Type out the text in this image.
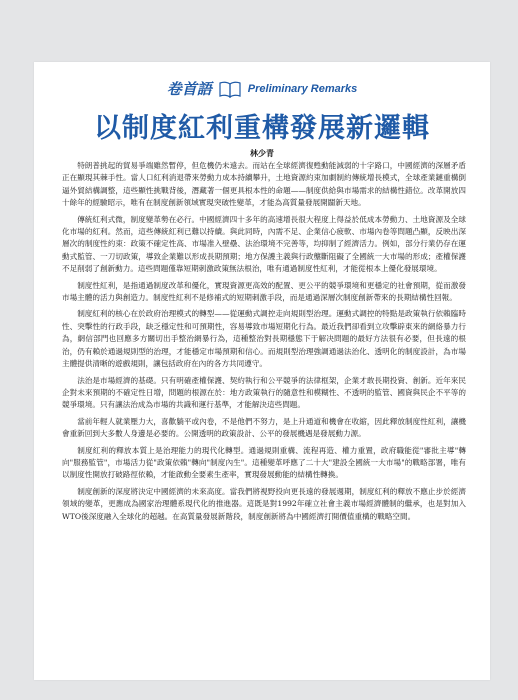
卷首語	Preliminary Remarks
以制度紅利重構發展新邏輯
林少青

特朗普挑起的貿易爭端雖然暫停，但危機仍未遠去。而站在全球經濟復甦動能減弱的十字路口，中國經濟的深層矛盾正在顯現其棘手性。當人口紅利消退帶來勞動力成本持續攀升，土地資源約束加劇制約傳統增長模式，全球產業鏈重構倒逼外貿結構調整，這些顯性挑戰背後，潛藏著一個更具根本性的命題——制度供給與市場需求的結構性錯位。改革開放四十餘年的經驗昭示，唯有在制度創新領域實現突破性變革，才能為高質量發展開闢新天地。

傳統紅利式微，制度變革勢在必行。中國經濟四十多年的高速增長很大程度上得益於低成本勞動力、土地資源及全球化市場的紅利。然而，這些傳統紅利已難以持續。與此同時，內需不足、企業信心疲軟、市場內卷等問題凸顯，反映出深層次的制度性約束：政策不確定性高、市場准入壁壘、法治環境不完善等，均抑制了經濟活力。例如，部分行業仍存在運動式監管、一刀切政策，導致企業難以形成長期預期；地方保護主義與行政壟斷阻礙了全國統一大市場的形成；產權保護不足削弱了創新動力。這些問題僅靠短期刺激政策無法根治，唯有通過制度性紅利，才能從根本上優化發展環境。

制度性紅利，是指通過制度改革和優化，實現資源更高效的配置、更公平的競爭環境和更穩定的社會預期，從而激發市場主體的活力與創造力。制度性紅利不是修補式的短期刺激手段，而是通過深層次制度創新帶來的長期結構性回報。

制度紅利的核心在於政府治理模式的轉型——從運動式調控走向規則型治理。運動式調控的特點是政策執行依賴臨時性、突擊性的行政手段，缺乏穩定性和可預期性，容易導致市場短期化行為。最近我們卻看到立攻擊辟東來的網絡暴力行為，網信部門也回應多方關切出手整治網暴行為，這種整治對長期穩態下于解决問題的最好方法很有必要，但長遠的根治，仍有賴於通過規則型的治理，才能穩定市場預期和信心。而規則型治理強調通過法治化、透明化的制度設計，為市場主體提供清晰的遊戲規則，讓包括政府在內的各方共同遵守。

法治是市場經濟的基礎。只有明確產權保護、契約執行和公平競爭的法律框架，企業才敢長期投資、創新。近年來民企對未來預期的不確定性日增，問題的根源在於：地方政策執行的隨意性和模糊性、不透明的監管、國資與民企不平等的競爭環境。只有讓法治成為市場的共識和運行基準，才能解決這些問題。

當前年輕人就業壓力大，喜歡躺平或內卷，不是他們不努力，是上升通道和機會在收縮，因此釋放制度性紅利，讓機會重新回到大多數人身邊是必要的。公開透明的政策設計、公平的發展機遇是發展動力源。

制度紅利的釋放本質上是治理能力的現代化轉型。通過規則重構、流程再造、權力重置，政府職能從"審批主導"轉向"服務監管"，市場活力從"政策依賴"轉向"制度內生"。這種變革呼應了二十大"建設全國統一大市場"的戰略部署，唯有以制度性開放打破路徑依賴，才能啟動全要素生產率，實現發展動能的結構性轉換。

制度創新的深度將決定中國經濟的未來高度。當我們將視野投向更長遠的發展週期，制度紅利的釋放不應止步於經濟領域的變革，更應成為國家治理體系現代化的推進器。這既是對1992年確立社會主義市場經濟體制的繼承，也是對加入WTO後深度融入全球化的超越。在高質量發展新階段，制度創新將為中國經濟打開價值重構的戰略空間。
